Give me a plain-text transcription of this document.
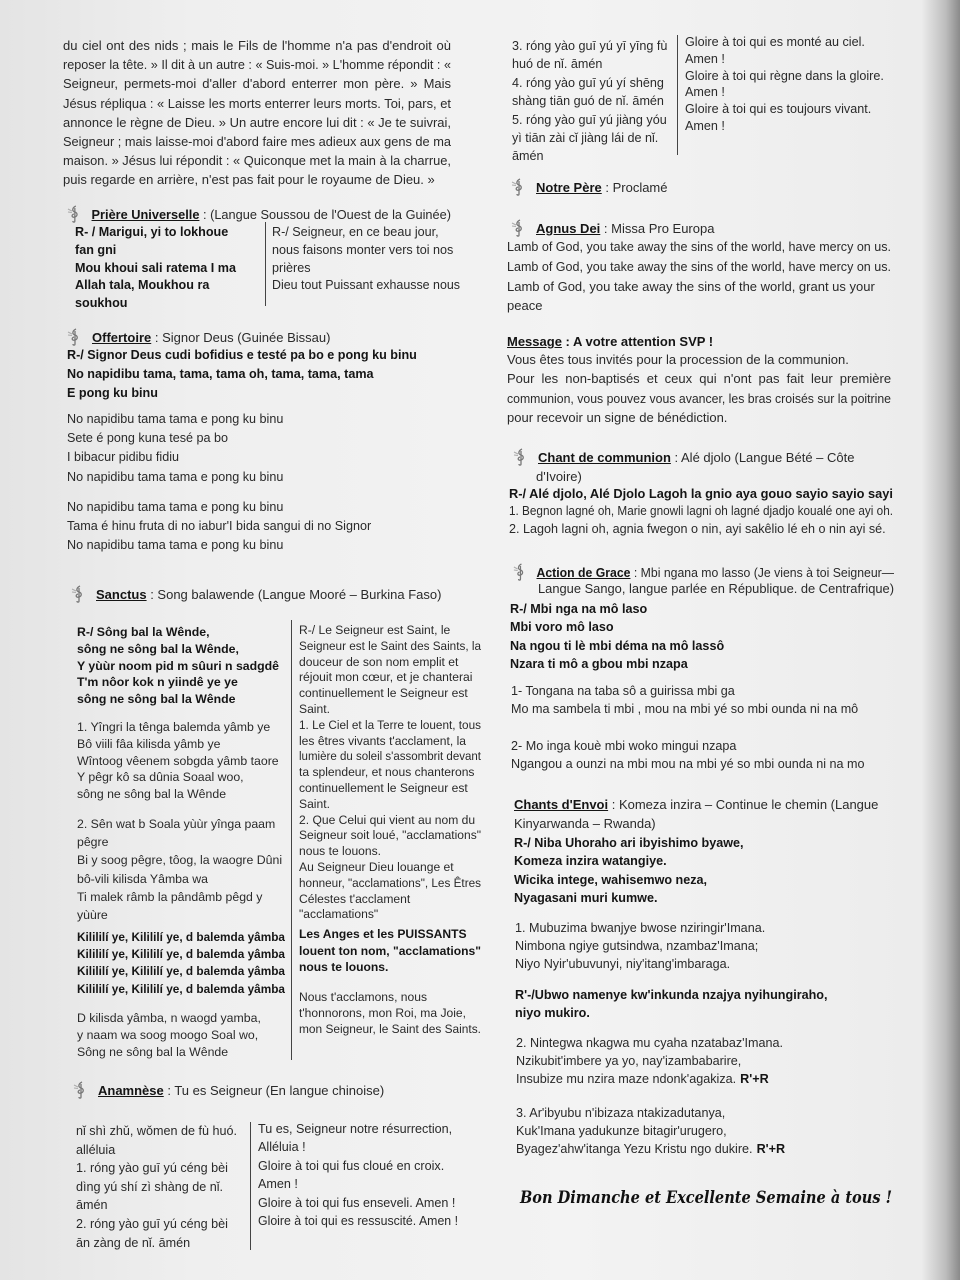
du ciel ont des nids ; mais le Fils de l'homme n'a pas d'endroit où
reposer la tête. » Il dit à un autre : « Suis-moi. » L'homme répondit : «
Seigneur, permets-moi d'aller d'abord enterrer mon père. » Mais
Jésus répliqua : « Laisse les morts enterrer leurs morts. Toi, pars, et
annonce le règne de Dieu. » Un autre encore lui dit : « Je te suivrai,
Seigneur ; mais laisse-moi d'abord faire mes adieux aux gens de ma
maison. » Jésus lui répondit : « Quiconque met la main à la charrue,
puis regarde en arrière, n'est pas fait pour le royaume de Dieu. »
Prière Universelle : (Langue Soussou de l'Ouest de la Guinée)
R- / Marigui, yi to lokhoue
fan gni
Mou khoui sali ratema I ma
Allah tala, Moukhou ra
soukhou
R-/ Seigneur, en ce beau jour,
nous faisons monter vers toi nos
prières
Dieu tout Puissant exhausse nous
Offertoire : Signor Deus (Guinée Bissau)
R-/ Signor Deus cudi bofidius e testé pa bo e pong ku binu
No napidibu tama, tama, tama oh, tama, tama, tama
E pong ku binu
No napidibu tama tama e pong ku binu
Sete é pong kuna tesé pa bo
I bibacur pidibu fidiu
No napidibu tama tama e pong ku binu
No napidibu tama tama e pong ku binu
Tama é hinu fruta di no iabur'I bida sangui di no Signor
No napidibu tama tama e pong ku binu
Sanctus : Song balawende (Langue Mooré – Burkina Faso)
R-/ Sông bal la Wênde,
sông ne sông bal la Wênde,
Y yùùr noom pid m sûuri n sadgdê
T'm nôor kok n yiindê ye ye
sông ne sông bal la Wênde
1. Yîngri la tênga balemda yâmb ye
Bô viili fâa kilisda yâmb ye
Wîntoog vêenem sobgda yâmb taore
Y pêgr kô sa dûnia Soaal woo,
sông ne sông bal la Wênde
2. Sên wat b Soala yùùr yînga paam
pêgre
Bi y soog pêgre, tôog, la waogre Dûni
bô-vili kilisda Yâmba wa
Ti malek râmb la pândâmb pêgd y
yùùre
Kilililí ye, Kilililí ye, d balemda yâmba
Kilililí ye, Kilililí ye, d balemda yâmba
Kilililí ye, Kilililí ye, d balemda yâmba
Kilililí ye, Kilililí ye, d balemda yâmba
D kilisda yâmba, n waogd yamba,
y naam wa soog moogo Soal wo,
Sông ne sông bal la Wênde
R-/ Le Seigneur est Saint, le
Seigneur est le Saint des Saints, la
douceur de son nom emplit et
réjouit mon cœur, et je chanterai
continuellement le Seigneur est
Saint.
1. Le Ciel et la Terre te louent, tous
les êtres vivants t'acclament, la
lumière du soleil s'assombrit devant
ta splendeur, et nous chanterons
continuellement le Seigneur est
Saint.
2. Que Celui qui vient au nom du
Seigneur soit loué, "acclamations"
nous te louons.
Au Seigneur Dieu louange et
honneur, "acclamations", Les Êtres
Célestes t'acclament
"acclamations"
Les Anges et les PUISSANTS
louent ton nom, "acclamations"
nous te louons.
Nous t'acclamons, nous
t'honnorons, mon Roi, ma Joie,
mon Seigneur, le Saint des Saints.
Anamnèse : Tu es Seigneur (En langue chinoise)
nǐ shì zhǔ, wǒmen de fù huó.
alléluia
1. róng yào guī yú céng bèi
dìng yú shí zì shàng de nǐ.
āmén
2. róng yào guī yú céng bèi
ān zàng de nǐ. āmén
Tu es, Seigneur notre résurrection,
Alléluia !
Gloire à toi qui fus cloué en croix.
Amen !
Gloire à toi qui fus enseveli. Amen !
Gloire à toi qui es ressuscité. Amen !
3. róng yào guī yú yī yīng fù
huó de nǐ. āmén
4. róng yào guī yú yí shēng
shàng tiān guó de nǐ. āmén
5. róng yào guī yú jiàng yóu
yì tiān zài cǐ jiàng lái de nǐ.
āmén
Gloire à toi qui es monté au ciel.
Amen !
Gloire à toi qui règne dans la gloire.
Amen !
Gloire à toi qui es toujours vivant.
Amen !
Notre Père : Proclamé
Agnus Dei : Missa Pro Europa
Lamb of God, you take away the sins of the world, have mercy on us.
Lamb of God, you take away the sins of the world, have mercy on us.
Lamb of God, you take away the sins of the world, grant us your
peace
Message : A votre attention SVP !
Vous êtes tous invités pour la procession de la communion.
Pour les non-baptisés et ceux qui n'ont pas fait leur première
communion, vous pouvez vous avancer, les bras croisés sur la poitrine
pour recevoir un signe de bénédiction.
Chant de communion : Alé djolo (Langue Bété – Côte
d'Ivoire)
R-/ Alé djolo, Alé Djolo Lagoh la gnio aya gouo sayio sayio sayi
1. Begnon lagné oh, Marie gnowli lagni oh lagné djadjo koualé one ayi oh.
2. Lagoh lagni oh, agnia fwegon o nin, ayi sakêlio lé eh o nin ayi sé.
Action de Grace : Mbi ngana mo lasso (Je viens à toi Seigneur—
Langue Sango, langue parlée en République. de Centrafrique)
R-/ Mbi nga na mô laso
Mbi voro mô laso
Na ngou ti lè mbi déma na mô lassô
Nzara ti mô a gbou mbi nzapa
1- Tongana na taba sô a guirissa mbi ga
Mo ma sambela ti mbi , mou na mbi yé so mbi ounda ni na mô
2- Mo inga kouè mbi woko mingui nzapa
Ngangou a ounzi na mbi mou na mbi yé so mbi ounda ni na mo
Chants d'Envoi : Komeza inzira – Continue le chemin (Langue
Kinyarwanda – Rwanda)
R-/ Niba Uhoraho ari ibyishimo byawe,
Komeza inzira watangiye.
Wicika intege, wahisemwo neza,
Nyagasani muri kumwe.
1. Mubuzima bwanjye bwose nziringir'Imana.
Nimbona ngiye gutsindwa, nzambaz'Imana;
Niyo Nyir'ubuvunyi, niy'itang'imbaraga.
R'-/Ubwo namenye kw'inkunda nzajya nyihungiraho,
niyo mukiro.
2. Nintegwa nkagwa mu cyaha nzatabaz'Imana.
Nzikubit'imbere ya yo, nay'izambabarire,
Insubize mu nzira maze ndonk'agakiza. R'+R
3. Ar'ibyubu n'ibizaza ntakizadutanya,
Kuk'Imana yadukunze bitagir'urugero,
Byagez'ahw'itanga Yezu Kristu ngo dukire. R'+R
Bon Dimanche et Excellente Semaine à tous !
